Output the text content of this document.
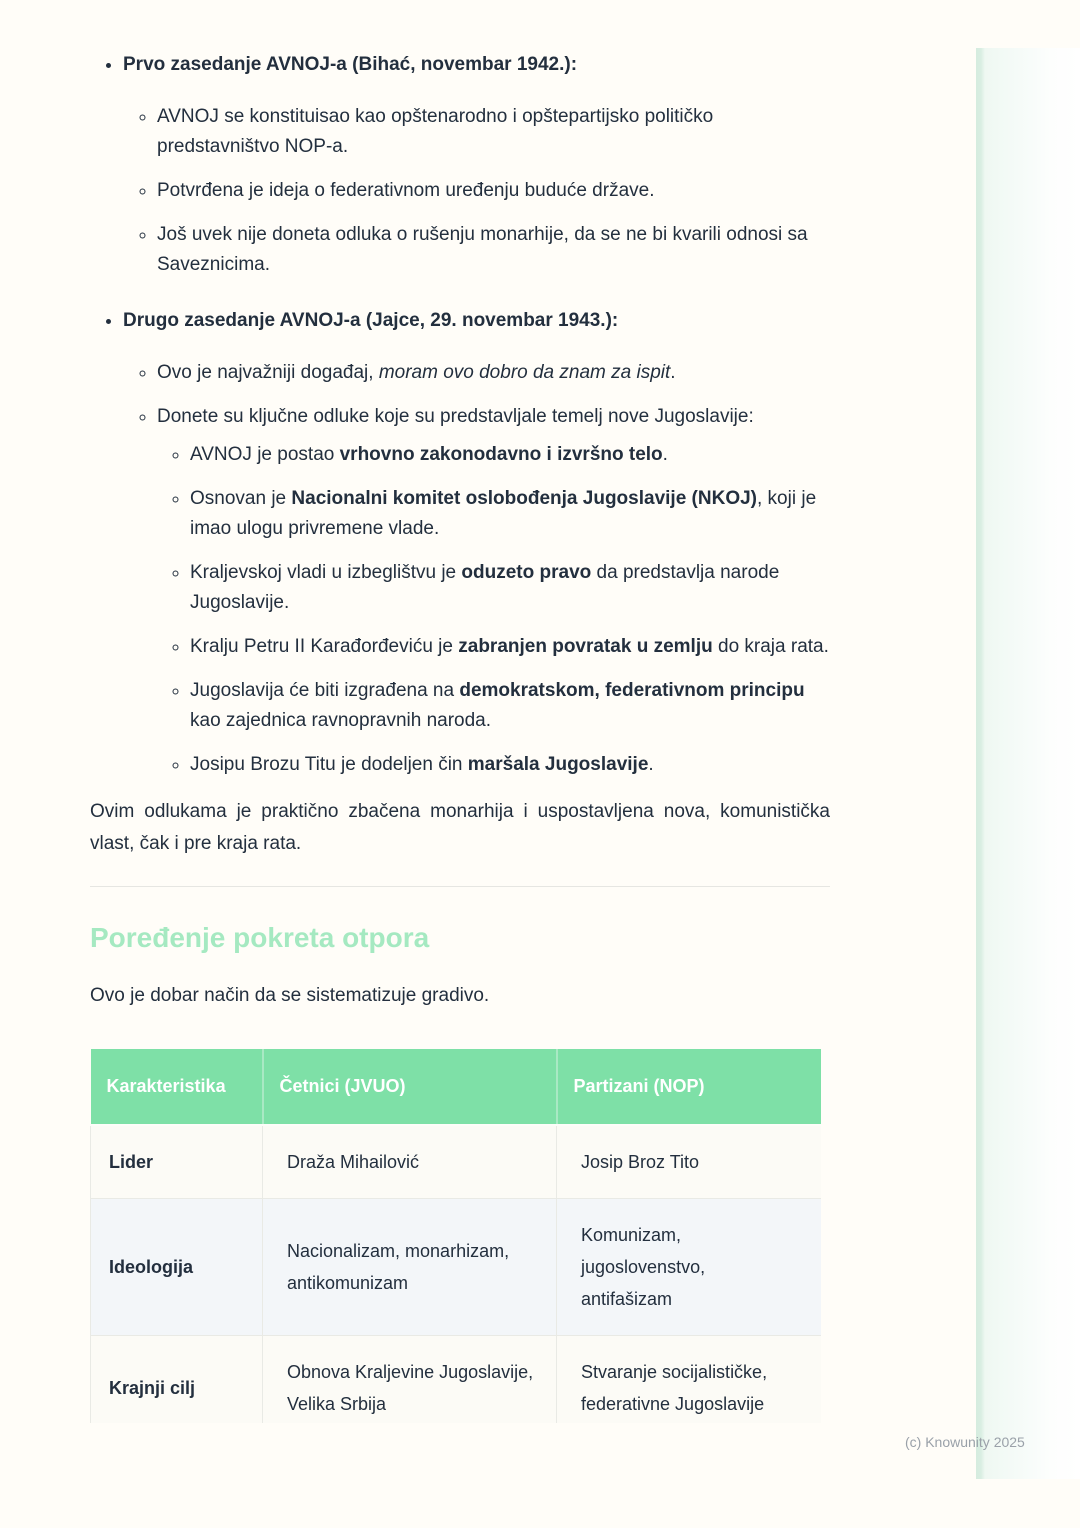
• Prvo zasedanje AVNOJ-a (Bihać, novembar 1942.):
◦ AVNOJ se konstituisao kao opštenarodno i opštepartijsko političko predstavništvo NOP-a.
◦ Potvrđena je ideja o federativnom uređenju buduće države.
◦ Još uvek nije doneta odluka o rušenju monarhije, da se ne bi kvarili odnosi sa Saveznicima.
• Drugo zasedanje AVNOJ-a (Jajce, 29. novembar 1943.):
◦ Ovo je najvažniji događaj, moram ovo dobro da znam za ispit.
◦ Donete su ključne odluke koje su predstavljale temelj nove Jugoslavije:
◦ AVNOJ je postao vrhovno zakonodavno i izvršno telo.
◦ Osnovan je Nacionalni komitet oslobođenja Jugoslavije (NKOJ), koji je imao ulogu privremene vlade.
◦ Kraljevskoj vladi u izbeglištvu je oduzeto pravo da predstavlja narode Jugoslavije.
◦ Kralju Petru II Karađorđeviću je zabranjen povratak u zemlju do kraja rata.
◦ Jugoslavija će biti izgrađena na demokratskom, federativnom principu kao zajednica ravnopravnih naroda.
◦ Josipu Brozu Titu je dodeljen čin maršala Jugoslavije.

Ovim odlukama je praktično zbačena monarhija i uspostavljena nova, komunistička vlast, čak i pre kraja rata.

Poređenje pokreta otpora

Ovo je dobar način da se sistematizuje gradivo.

Karakteristika	Četnici (JVUO)	Partizani (NOP)
Lider	Draža Mihailović	Josip Broz Tito
Ideologija	Nacionalizam, monarhizam, antikomunizam	Komunizam, jugoslovenstvo, antifašizam
Krajnji cilj	Obnova Kraljevine Jugoslavije, Velika Srbija	Stvaranje socijalističke, federativne Jugoslavije
(c) Knowunity 2025
